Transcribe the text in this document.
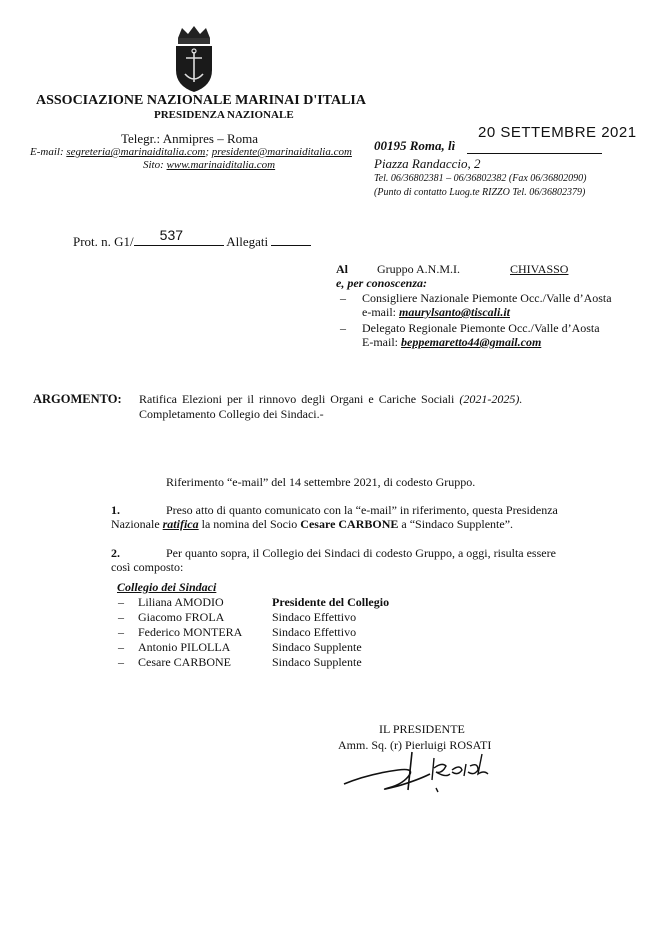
ASSOCIAZIONE NAZIONALE MARINAI D'ITALIA
PRESIDENZA NAZIONALE
Telegr.: Anmipres – Roma
E-mail: segreteria@marinaiditalia.com; presidente@marinaiditalia.com
Sito: www.marinaiditalia.com
20 SETTEMBRE 2021
00195 Roma, lì
Piazza Randaccio, 2
Tel. 06/36802381 – 06/36802382 (Fax 06/36802090)
(Punto di contatto Luog.te RIZZO Tel. 06/36802379)
Prot. n. G1/ 537	Allegati
Al Gruppo A.N.M.I.	CHIVASSO
e, per conoscenza:
– Consigliere Nazionale Piemonte Occ./Valle d’Aosta
e-mail: maurylsanto@tiscali.it
– Delegato Regionale Piemonte Occ./Valle d’Aosta
E-mail: beppemaretto44@gmail.com
ARGOMENTO: Ratifica Elezioni per il rinnovo degli Organi e Cariche Sociali (2021-2025).
Completamento Collegio dei Sindaci.-
Riferimento “e-mail” del 14 settembre 2021, di codesto Gruppo.
1.	Preso atto di quanto comunicato con la “e-mail” in riferimento, questa Presidenza
Nazionale ratifica la nomina del Socio Cesare CARBONE a “Sindaco Supplente”.
2.	Per quanto sopra, il Collegio dei Sindaci di codesto Gruppo, a oggi, risulta essere
così composto:
Collegio dei Sindaci
– Liliana AMODIO	Presidente del Collegio
– Giacomo FROLA	Sindaco Effettivo
– Federico MONTERA Sindaco Effettivo
– Antonio PILOLLA	Sindaco Supplente
– Cesare CARBONE	Sindaco Supplente
IL PRESIDENTE
Amm. Sq. (r) Pierluigi ROSATI
